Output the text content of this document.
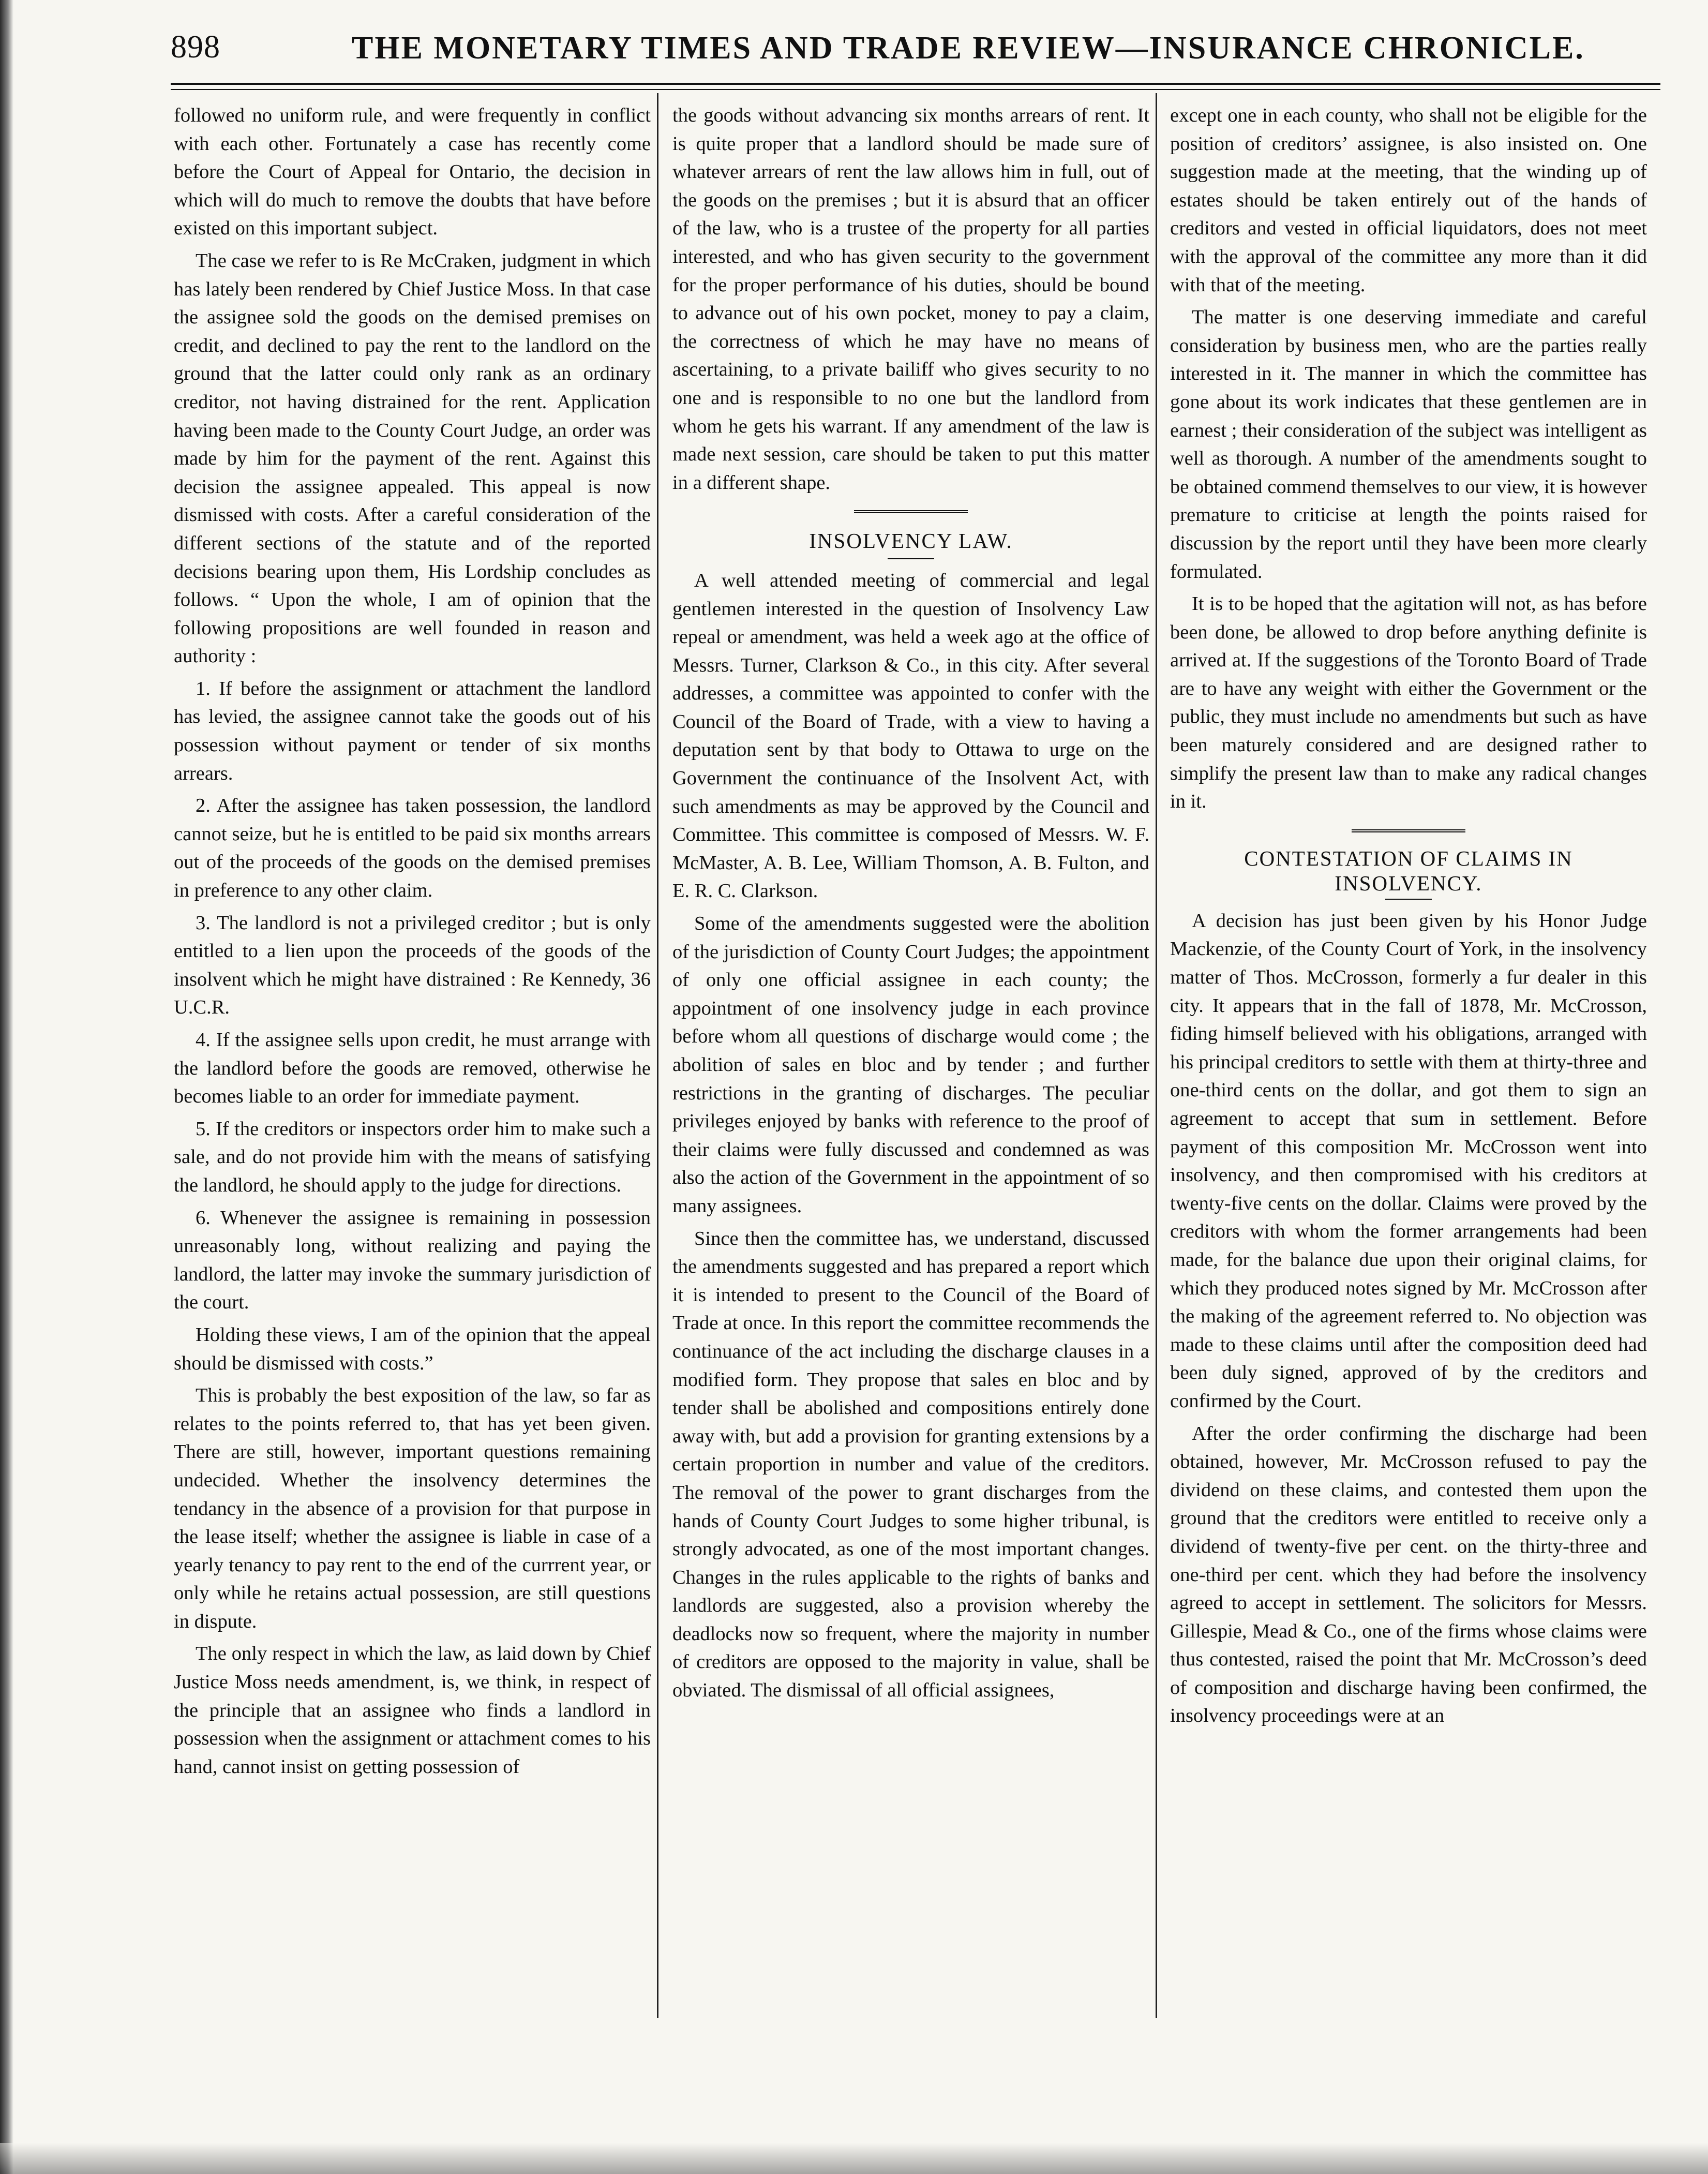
898	THE MONETARY TIMES AND TRADE REVIEW—INSURANCE CHRONICLE.

followed no uniform rule, and were frequently in conflict with each other. Fortunately a case has recently come before the Court of Appeal for Ontario, the decision in which will do much to remove the doubts that have before existed on this important subject.

The case we refer to is Re McCraken, judgment in which has lately been rendered by Chief Justice Moss. In that case the assignee sold the goods on the demised premises on credit, and declined to pay the rent to the landlord on the ground that the latter could only rank as an ordinary creditor, not having distrained for the rent. Application having been made to the County Court Judge, an order was made by him for the payment of the rent. Against this decision the assignee appealed. This appeal is now dismissed with costs. After a careful consideration of the different sections of the statute and of the reported decisions bearing upon them, His Lordship concludes as follows. “ Upon the whole, I am of opinion that the following propositions are well founded in reason and authority :

1. If before the assignment or attachment the landlord has levied, the assignee cannot take the goods out of his possession without payment or tender of six months arrears.

2. After the assignee has taken possession, the landlord cannot seize, but he is entitled to be paid six months arrears out of the proceeds of the goods on the demised premises in preference to any other claim.

3. The landlord is not a privileged creditor ; but is only entitled to a lien upon the proceeds of the goods of the insolvent which he might have distrained : Re Kennedy, 36 U.C.R.

4. If the assignee sells upon credit, he must arrange with the landlord before the goods are removed, otherwise he becomes liable to an order for immediate payment.

5. If the creditors or inspectors order him to make such a sale, and do not provide him with the means of satisfying the landlord, he should apply to the judge for directions.

6. Whenever the assignee is remaining in possession unreasonably long, without realizing and paying the landlord, the latter may invoke the summary jurisdiction of the court.

Holding these views, I am of the opinion that the appeal should be dismissed with costs.”

This is probably the best exposition of the law, so far as relates to the points referred to, that has yet been given. There are still, however, important questions remaining undecided. Whether the insolvency determines the tendancy in the absence of a provision for that purpose in the lease itself; whether the assignee is liable in case of a yearly tenancy to pay rent to the end of the currrent year, or only while he retains actual possession, are still questions in dispute.

The only respect in which the law, as laid down by Chief Justice Moss needs amendment, is, we think, in respect of the principle that an assignee who finds a landlord in possession when the assignment or attachment comes to his hand, cannot insist on getting possession of

the goods without advancing six months arrears of rent. It is quite proper that a landlord should be made sure of whatever arrears of rent the law allows him in full, out of the goods on the premises ; but it is absurd that an officer of the law, who is a trustee of the property for all parties interested, and who has given security to the government for the proper performance of his duties, should be bound to advance out of his own pocket, money to pay a claim, the correctness of which he may have no means of ascertaining, to a private bailiff who gives security to no one and is responsible to no one but the landlord from whom he gets his warrant. If any amendment of the law is made next session, care should be taken to put this matter in a different shape.

INSOLVENCY LAW.

A well attended meeting of commercial and legal gentlemen interested in the question of Insolvency Law repeal or amendment, was held a week ago at the office of Messrs. Turner, Clarkson & Co., in this city. After several addresses, a committee was appointed to confer with the Council of the Board of Trade, with a view to having a deputation sent by that body to Ottawa to urge on the Government the continuance of the Insolvent Act, with such amendments as may be approved by the Council and Committee. This committee is composed of Messrs. W. F. McMaster, A. B. Lee, William Thomson, A. B. Fulton, and E. R. C. Clarkson.

Some of the amendments suggested were the abolition of the jurisdiction of County Court Judges; the appointment of only one official assignee in each county; the appointment of one insolvency judge in each province before whom all questions of discharge would come ; the abolition of sales en bloc and by tender ; and further restrictions in the granting of discharges. The peculiar privileges enjoyed by banks with reference to the proof of their claims were fully discussed and condemned as was also the action of the Government in the appointment of so many assignees.

Since then the committee has, we understand, discussed the amendments suggested and has prepared a report which it is intended to present to the Council of the Board of Trade at once. In this report the committee recommends the continuance of the act including the discharge clauses in a modified form. They propose that sales en bloc and by tender shall be abolished and compositions entirely done away with, but add a provision for granting extensions by a certain proportion in number and value of the creditors. The removal of the power to grant discharges from the hands of County Court Judges to some higher tribunal, is strongly advocated, as one of the most important changes. Changes in the rules applicable to the rights of banks and landlords are suggested, also a provision whereby the deadlocks now so frequent, where the majority in number of creditors are opposed to the majority in value, shall be obviated. The dismissal of all official assignees,

except one in each county, who shall not be eligible for the position of creditors’ assignee, is also insisted on. One suggestion made at the meeting, that the winding up of estates should be taken entirely out of the hands of creditors and vested in official liquidators, does not meet with the approval of the committee any more than it did with that of the meeting.

The matter is one deserving immediate and careful consideration by business men, who are the parties really interested in it. The manner in which the committee has gone about its work indicates that these gentlemen are in earnest ; their consideration of the subject was intelligent as well as thorough. A number of the amendments sought to be obtained commend themselves to our view, it is however premature to criticise at length the points raised for discussion by the report until they have been more clearly formulated.

It is to be hoped that the agitation will not, as has before been done, be allowed to drop before anything definite is arrived at. If the suggestions of the Toronto Board of Trade are to have any weight with either the Government or the public, they must include no amendments but such as have been maturely considered and are designed rather to simplify the present law than to make any radical changes in it.

CONTESTATION OF CLAIMS IN INSOLVENCY.

A decision has just been given by his Honor Judge Mackenzie, of the County Court of York, in the insolvency matter of Thos. McCrosson, formerly a fur dealer in this city. It appears that in the fall of 1878, Mr. McCrosson, fiding himself believed with his obligations, arranged with his principal creditors to settle with them at thirty-three and one-third cents on the dollar, and got them to sign an agreement to accept that sum in settlement. Before payment of this composition Mr. McCrosson went into insolvency, and then compromised with his creditors at twenty-five cents on the dollar. Claims were proved by the creditors with whom the former arrangements had been made, for the balance due upon their original claims, for which they produced notes signed by Mr. McCrosson after the making of the agreement referred to. No objection was made to these claims until after the composition deed had been duly signed, approved of by the creditors and confirmed by the Court.

After the order confirming the discharge had been obtained, however, Mr. McCrosson refused to pay the dividend on these claims, and contested them upon the ground that the creditors were entitled to receive only a dividend of twenty-five per cent. on the thirty-three and one-third per cent. which they had before the insolvency agreed to accept in settlement. The solicitors for Messrs. Gillespie, Mead & Co., one of the firms whose claims were thus contested, raised the point that Mr. McCrosson’s deed of composition and discharge having been confirmed, the insolvency proceedings were at an
